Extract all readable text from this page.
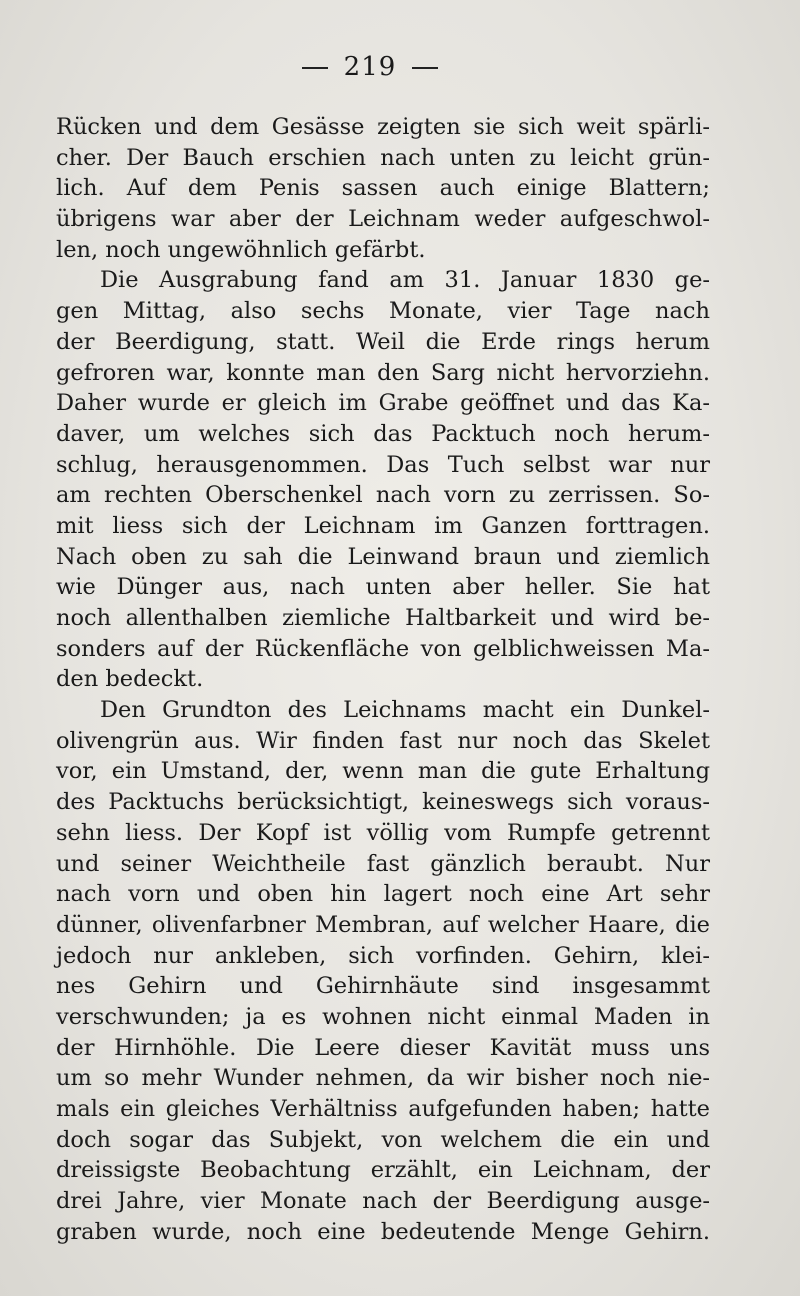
219
Rücken und dem Gesässe zeigten sie sich weit spärli-
cher. Der Bauch erschien nach unten zu leicht grün-
lich. Auf dem Penis sassen auch einige Blattern;
übrigens war aber der Leichnam weder aufgeschwol-
len, noch ungewöhnlich gefärbt.
Die Ausgrabung fand am 31. Januar 1830 ge-
gen Mittag, also sechs Monate, vier Tage nach
der Beerdigung, statt. Weil die Erde rings herum
gefroren war, konnte man den Sarg nicht hervorziehn.
Daher wurde er gleich im Grabe geöffnet und das Ka-
daver, um welches sich das Packtuch noch herum-
schlug, herausgenommen. Das Tuch selbst war nur
am rechten Oberschenkel nach vorn zu zerrissen. So-
mit liess sich der Leichnam im Ganzen forttragen.
Nach oben zu sah die Leinwand braun und ziemlich
wie Dünger aus, nach unten aber heller. Sie hat
noch allenthalben ziemliche Haltbarkeit und wird be-
sonders auf der Rückenfläche von gelblichweissen Ma-
den bedeckt.
Den Grundton des Leichnams macht ein Dunkel-
olivengrün aus. Wir finden fast nur noch das Skelet
vor, ein Umstand, der, wenn man die gute Erhaltung
des Packtuchs berücksichtigt, keineswegs sich voraus-
sehn liess. Der Kopf ist völlig vom Rumpfe getrennt
und seiner Weichtheile fast gänzlich beraubt. Nur
nach vorn und oben hin lagert noch eine Art sehr
dünner, olivenfarbner Membran, auf welcher Haare, die
jedoch nur ankleben, sich vorfinden. Gehirn, klei-
nes Gehirn und Gehirnhäute sind insgesammt
verschwunden; ja es wohnen nicht einmal Maden in
der Hirnhöhle. Die Leere dieser Kavität muss uns
um so mehr Wunder nehmen, da wir bisher noch nie-
mals ein gleiches Verhältniss aufgefunden haben; hatte
doch sogar das Subjekt, von welchem die ein und
dreissigste Beobachtung erzählt, ein Leichnam, der
drei Jahre, vier Monate nach der Beerdigung ausge-
graben wurde, noch eine bedeutende Menge Gehirn.
